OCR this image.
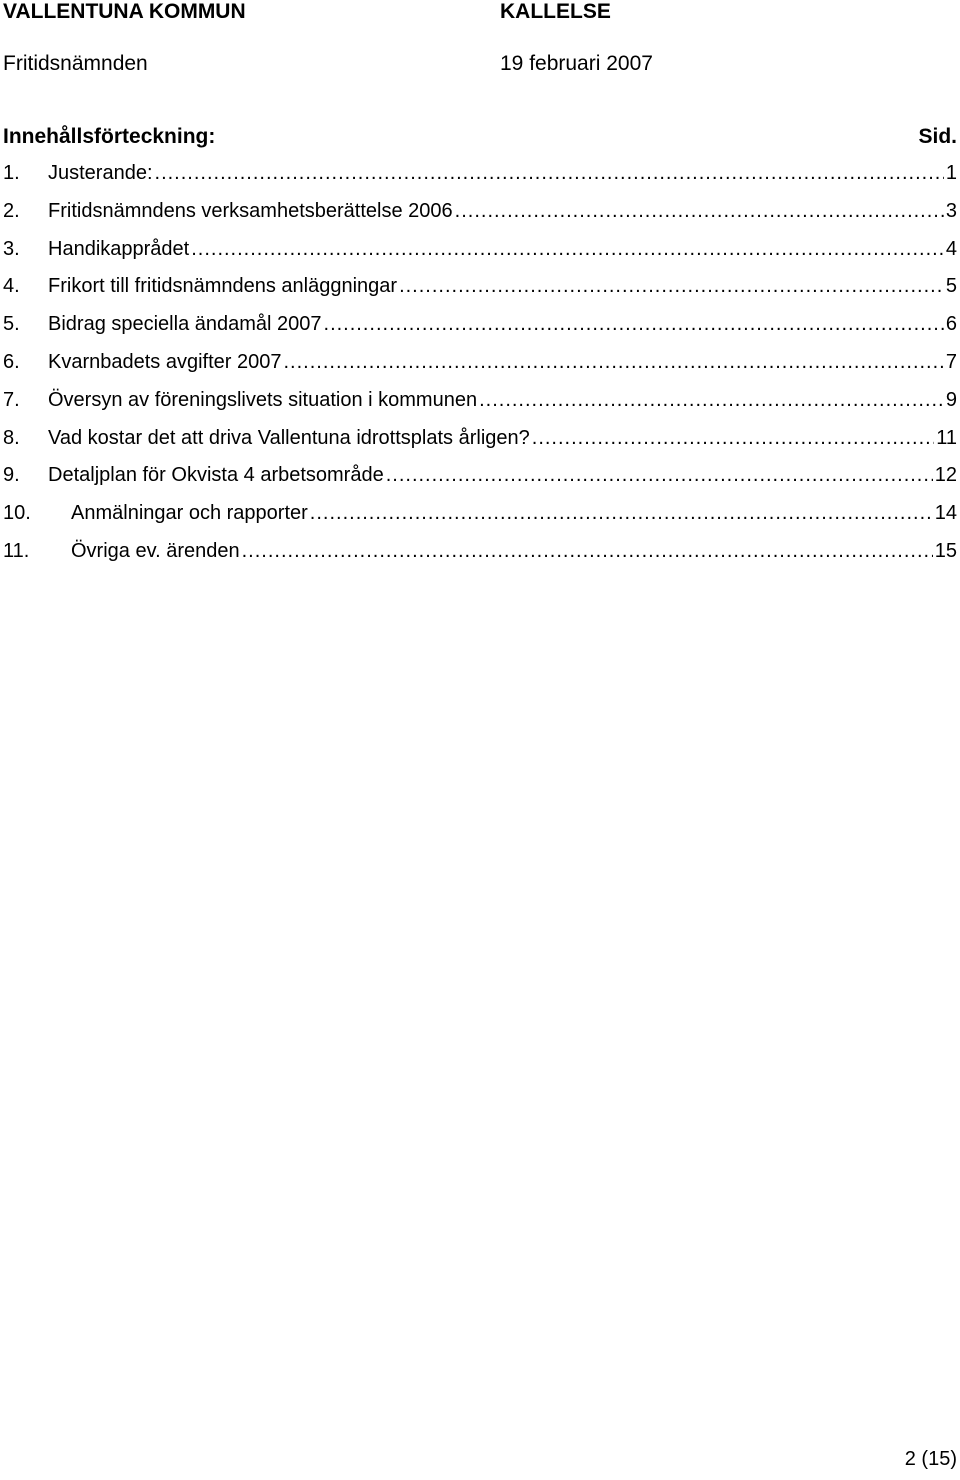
VALLENTUNA KOMMUN	KALLELSE
Fritidsnämnden	19 februari 2007
Innehållsförteckning:	Sid.
1.	Justerande: .....	1
2.	Fritidsnämndens verksamhetsberättelse 2006 .....	3
3.	Handikapprådet .....	4
4.	Frikort till fritidsnämndens anläggningar .....	5
5.	Bidrag speciella ändamål 2007 .....	6
6.	Kvarnbadets avgifter 2007 .....	7
7.	Översyn av föreningslivets situation i kommunen .....	9
8.	Vad kostar det att driva Vallentuna idrottsplats årligen? .....	11
9.	Detaljplan för Okvista 4 arbetsområde .....	12
10.	Anmälningar och rapporter .....	14
11.	Övriga ev. ärenden .....	15
2 (15)
